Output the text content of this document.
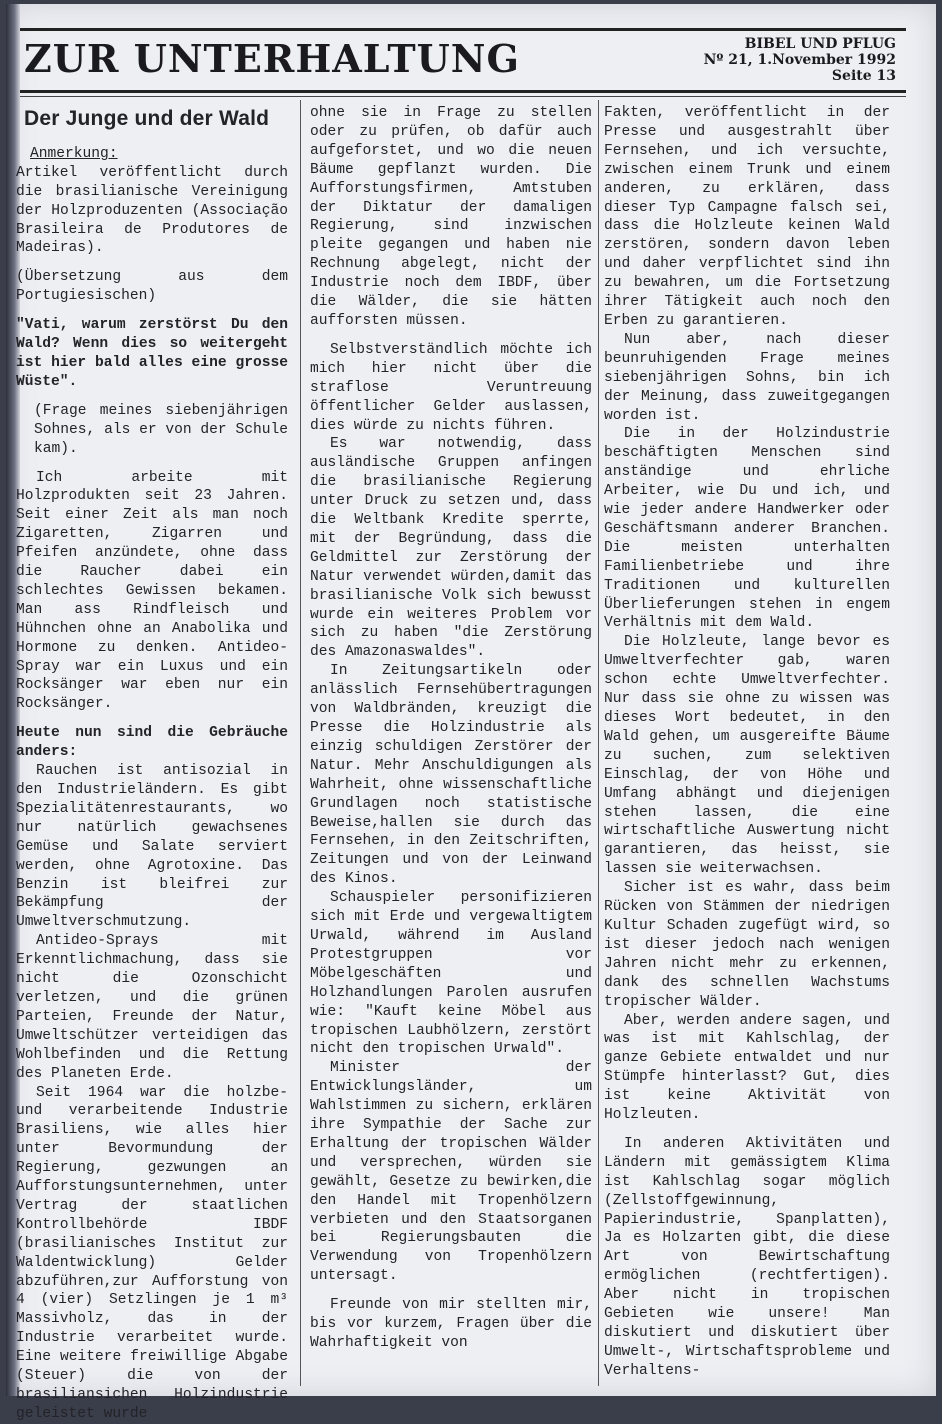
ZUR UNTERHALTUNG	BIBEL UND PFLUG
Nº 21, 1.November 1992
Seite 13
Der Junge und der Wald
Anmerkung:

Artikel veröffentlicht durch die brasilianische Vereinigung der Holzproduzenten (Associação Brasileira de Produtores de Madeiras).

(Übersetzung aus dem Portugiesischen)

"Vati, warum zerstörst Du den Wald? Wenn dies so weitergeht ist hier bald alles eine grosse Wüste".

(Frage meines siebenjährigen Sohnes, als er von der Schule kam).

Ich arbeite mit Holzprodukten seit 23 Jahren. Seit einer Zeit als man noch Zigaretten, Zigarren und Pfeifen anzündete, ohne dass die Raucher dabei ein schlechtes Gewissen bekamen. Man ass Rindfleisch und Hühnchen ohne an Anabolika und Hormone zu denken. Antideo-Spray war ein Luxus und ein Rocksänger war eben nur ein Rocksänger.

Heute nun sind die Gebräuche anders:

Rauchen ist antisozial in den Industrieländern. Es gibt Spezialitätenrestaurants, wo nur natürlich gewachsenes Gemüse und Salate serviert werden, ohne Agrotoxine. Das Benzin ist bleifrei zur Bekämpfung der Umweltverschmutzung.

Antideo-Sprays mit Erkenntlichmachung, dass sie nicht die Ozonschicht verletzen, und die grünen Parteien, Freunde der Natur, Umweltschützer verteidigen das Wohlbefinden und die Rettung des Planeten Erde.

Seit 1964 war die holzbe- und verarbeitende Industrie Brasiliens, wie alles hier unter Bevormundung der Regierung, gezwungen an Aufforstungsunternehmen, unter Vertrag der staatlichen Kontrollbehörde IBDF (brasilianisches Institut zur Waldentwicklung) Gelder abzuführen,zur Aufforstung von 4 (vier) Setzlingen je 1 m³ Massivholz, das in der Industrie verarbeitet wurde. Eine weitere freiwillige Abgabe (Steuer) die von der brasiliansichen Holzindustrie geleistet wurde

ohne sie in Frage zu stellen oder zu prüfen, ob dafür auch aufgeforstet, und wo die neuen Bäume gepflanzt wurden. Die Aufforstungsfirmen, Amtstuben der Diktatur der damaligen Regierung, sind inzwischen pleite gegangen und haben nie Rechnung abgelegt, nicht der Industrie noch dem IBDF, über die Wälder, die sie hätten aufforsten müssen.

Selbstverständlich möchte ich mich hier nicht über die straflose Veruntreuung öffentlicher Gelder auslassen, dies würde zu nichts führen.

Es war notwendig, dass ausländische Gruppen anfingen die brasilianische Regierung unter Druck zu setzen und, dass die Weltbank Kredite sperrte, mit der Begründung, dass die Geldmittel zur Zerstörung der Natur verwendet würden,damit das brasilianische Volk sich bewusst wurde ein weiteres Problem vor sich zu haben "die Zerstörung des Amazonaswaldes".

In Zeitungsartikeln oder anlässlich Fernsehübertragungen von Waldbränden, kreuzigt die Presse die Holzindustrie als einzig schuldigen Zerstörer der Natur. Mehr Anschuldigungen als Wahrheit, ohne wissenschaftliche Grundlagen noch statistische Beweise,hallen sie durch das Fernsehen, in den Zeitschriften, Zeitungen und von der Leinwand des Kinos.

Schauspieler personifizieren sich mit Erde und vergewaltigtem Urwald, während im Ausland Protestgruppen vor Möbelgeschäften und Holzhandlungen Parolen ausrufen wie: "Kauft keine Möbel aus tropischen Laubhölzern, zerstört nicht den tropischen Urwald".

Minister der Entwicklungsländer, um Wahlstimmen zu sichern, erklären ihre Sympathie der Sache zur Erhaltung der tropischen Wälder und versprechen, würden sie gewählt, Gesetze zu bewirken,die den Handel mit Tropenhölzern verbieten und den Staatsorganen bei Regierungsbauten die Verwendung von Tropenhölzern untersagt.

Freunde von mir stellten mir, bis vor kurzem, Fragen über die Wahrhaftigkeit von

Fakten, veröffentlicht in der Presse und ausgestrahlt über Fernsehen, und ich versuchte, zwischen einem Trunk und einem anderen, zu erklären, dass dieser Typ Campagne falsch sei, dass die Holzleute keinen Wald zerstören, sondern davon leben und daher verpflichtet sind ihn zu bewahren, um die Fortsetzung ihrer Tätigkeit auch noch den Erben zu garantieren.

Nun aber, nach dieser beunruhigenden Frage meines siebenjährigen Sohns, bin ich der Meinung, dass zuweitgegangen worden ist.

Die in der Holzindustrie beschäftigten Menschen sind anständige und ehrliche Arbeiter, wie Du und ich, und wie jeder andere Handwerker oder Geschäftsmann anderer Branchen. Die meisten unterhalten Familienbetriebe und ihre Traditionen und kulturellen Überlieferungen stehen in engem Verhältnis mit dem Wald.

Die Holzleute, lange bevor es Umweltverfechter gab, waren schon echte Umweltverfechter. Nur dass sie ohne zu wissen was dieses Wort bedeutet, in den Wald gehen, um ausgereifte Bäume zu suchen, zum selektiven Einschlag, der von Höhe und Umfang abhängt und diejenigen stehen lassen, die eine wirtschaftliche Auswertung nicht garantieren, das heisst, sie lassen sie weiterwachsen.

Sicher ist es wahr, dass beim Rücken von Stämmen der niedrigen Kultur Schaden zugefügt wird, so ist dieser jedoch nach wenigen Jahren nicht mehr zu erkennen, dank des schnellen Wachstums tropischer Wälder.

Aber, werden andere sagen, und was ist mit Kahlschlag, der ganze Gebiete entwaldet und nur Stümpfe hinterlasst? Gut, dies ist keine Aktivität von Holzleuten.

In anderen Aktivitäten und Ländern mit gemässigtem Klima ist Kahlschlag sogar möglich (Zellstoffgewinnung, Papierindustrie, Spanplatten), Ja es Holzarten gibt, die diese Art von Bewirtschaftung ermöglichen (rechtfertigen). Aber nicht in tropischen Gebieten wie unsere! Man diskutiert und diskutiert über Umwelt-, Wirtschaftsprobleme und Verhaltens-
